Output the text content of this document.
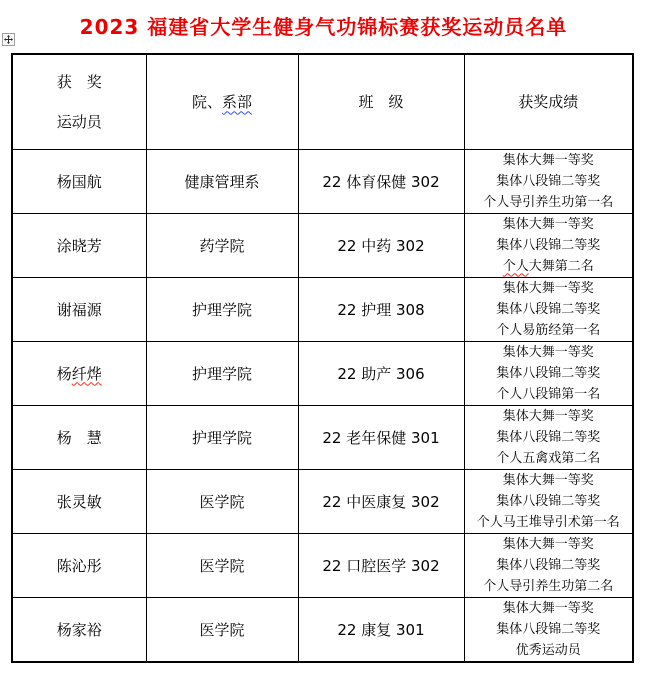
2023 福建省大学生健身气功锦标赛获奖运动员名单
获　奖
运动员	院、系部	班　级	获奖成绩
杨国航	健康管理系	22 体育保健 302	集体大舞一等奖
集体八段锦二等奖
个人导引养生功第一名

涂晓芳	药学院	22 中药 302	集体大舞一等奖
集体八段锦二等奖
个人大舞第二名

谢福源	护理学院	22 护理 308	集体大舞一等奖
集体八段锦二等奖
个人易筋经第一名

杨纤烨	护理学院	22 助产 306	集体大舞一等奖
集体八段锦二等奖
个人八段锦第一名

杨　慧	护理学院	22 老年保健 301	集体大舞一等奖
集体八段锦二等奖
个人五禽戏第二名

张灵敏	医学院	22 中医康复 302	集体大舞一等奖
集体八段锦二等奖
个人马王堆导引术第一名

陈沁彤	医学院	22 口腔医学 302	集体大舞一等奖
集体八段锦二等奖
个人导引养生功第二名

杨家裕	医学院	22 康复 301	集体大舞一等奖
集体八段锦二等奖
优秀运动员
